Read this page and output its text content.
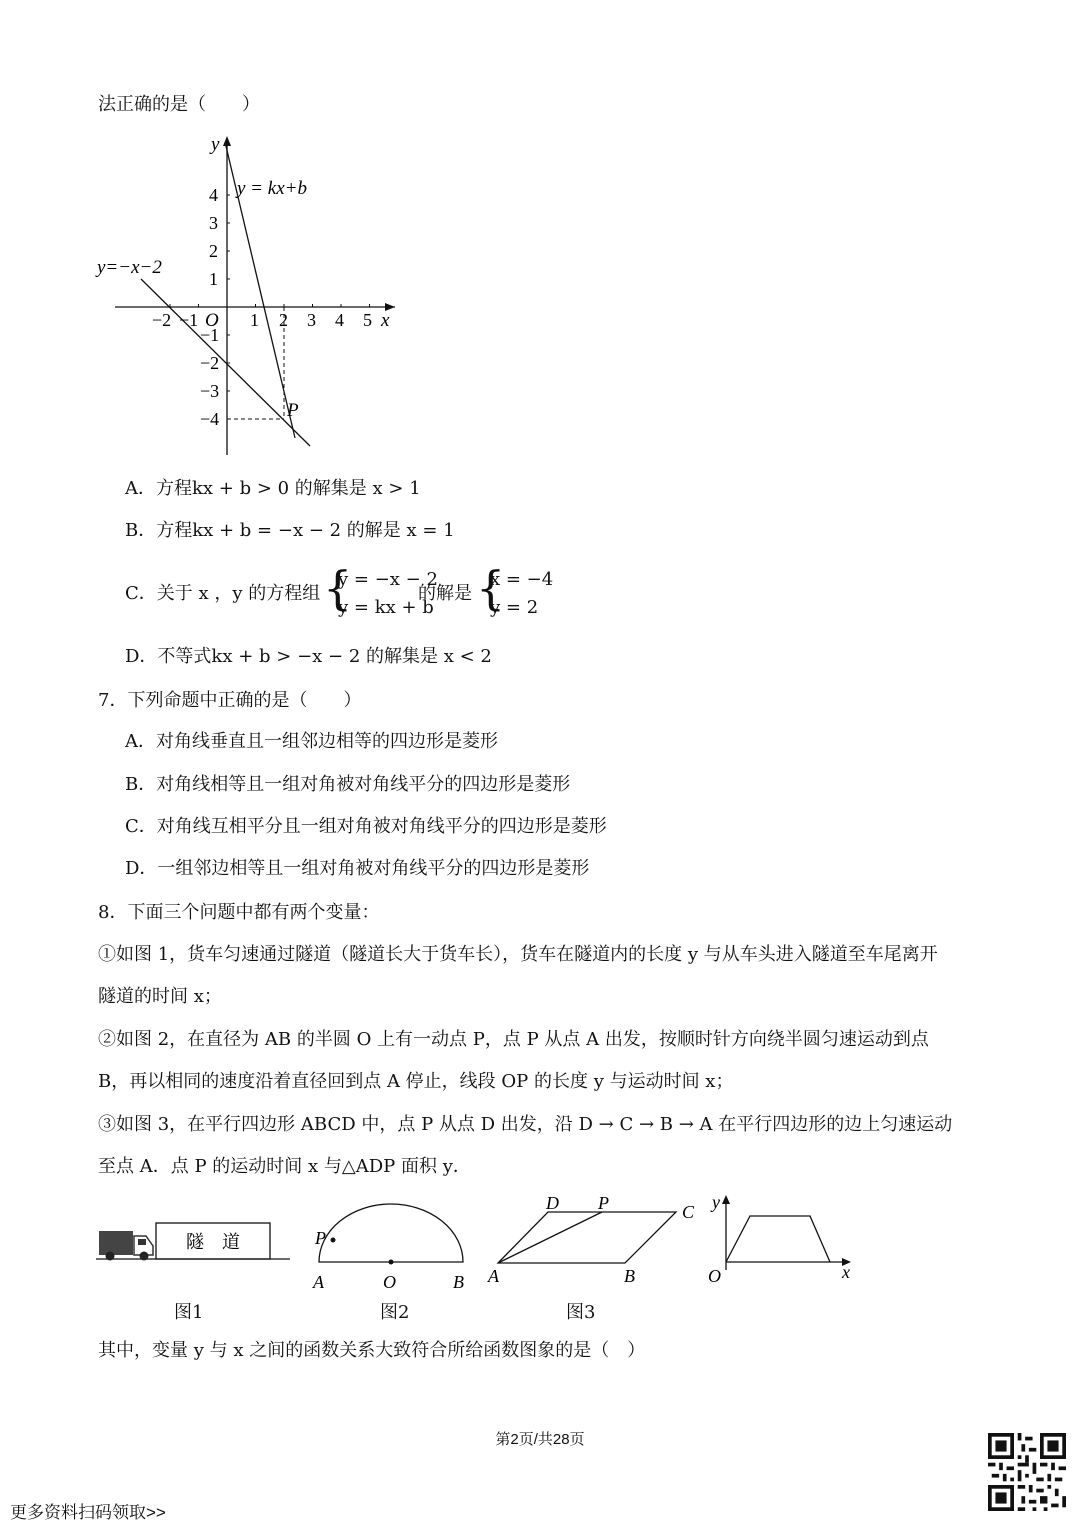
法正确的是（　　）
y
x
O
y = kx+b
y=−x−2
P
−2 −1	1 2 3 4 5
4
3
2
1
−1
−2
−3
−4
A．方程kx + b > 0 的解集是 x > 1
B．方程kx + b = −x − 2 的解是 x = 1
C．关于 x ，y 的方程组 {
y = −x − 2
y = kx + b
的解是 {
x = −4
y = 2
D．不等式kx + b > −x − 2 的解集是 x < 2
7．下列命题中正确的是（　　）
A．对角线垂直且一组邻边相等的四边形是菱形
B．对角线相等且一组对角被对角线平分的四边形是菱形
C．对角线互相平分且一组对角被对角线平分的四边形是菱形
D．一组邻边相等且一组对角被对角线平分的四边形是菱形
8．下面三个问题中都有两个变量：
①如图 1，货车匀速通过隧道（隧道长大于货车长），货车在隧道内的长度 y 与从车头进入隧道至车尾离开
隧道的时间 x；
②如图 2，在直径为 AB 的半圆 O 上有一动点 P，点 P 从点 A 出发，按顺时针方向绕半圆匀速运动到点
B，再以相同的速度沿着直径回到点 A 停止，线段 OP 的长度 y 与运动时间 x；
③如图 3，在平行四边形 ABCD 中，点 P 从点 D 出发，沿 D → C → B → A 在平行四边形的边上匀速运动
至点 A．点 P 的运动时间 x 与△ADP 面积 y．
隧　道
图1
P
A	O	B
图2
D P	C
A	B
图3
y
O	x
其中，变量 y 与 x 之间的函数关系大致符合所给函数图象的是（　）
第2页/共28页
更多资料扫码领取>>
